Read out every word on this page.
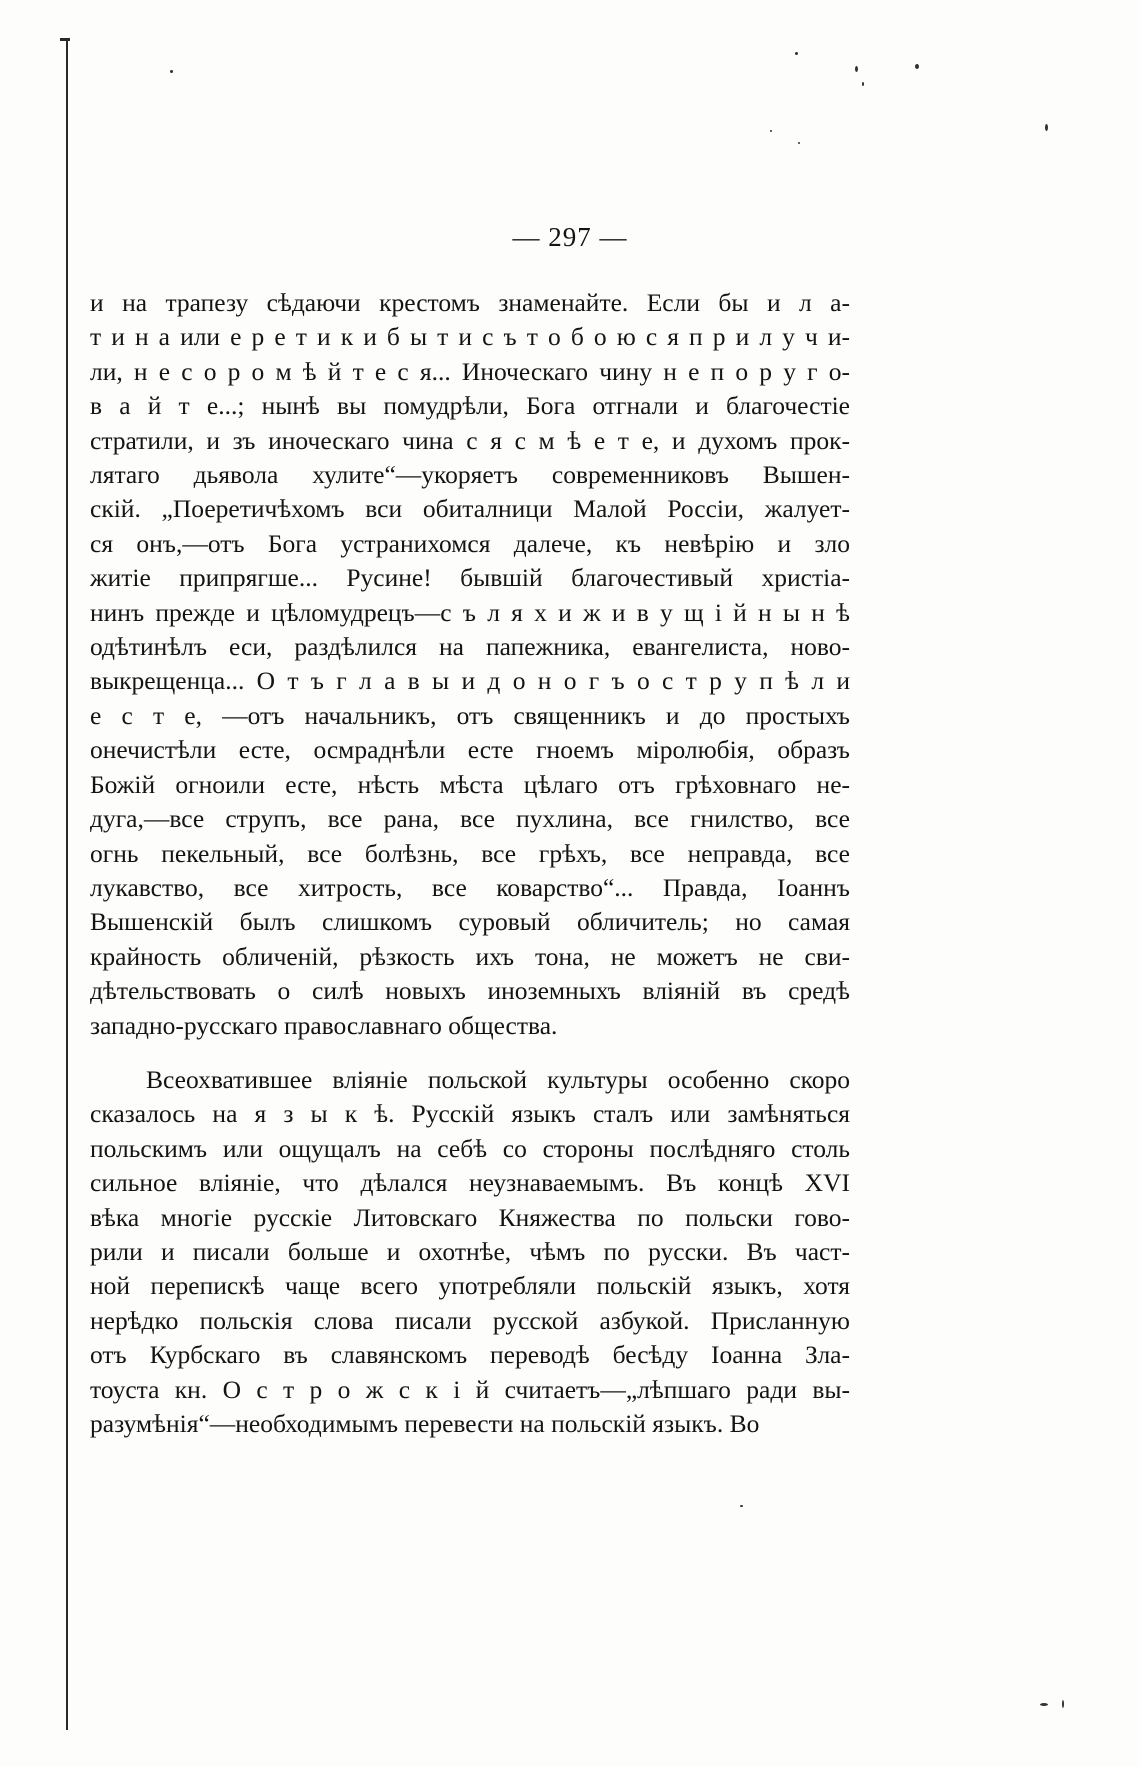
— 297 —
и на трапезу сѣдаючи крестомъ знаменайте. Если бы и л а-
т и н а или е р е т и к и б ы т и с ъ т о б о ю с я п р и л у ч и-
ли, н е с о р о м ѣ й т е с я... Иноческаго чину н е п о р у г о-
в а й т е...; нынѣ вы помудрѣли, Бога отгнали и благочестіе
стратили, и зъ иноческаго чина с я с м ѣ е т е, и духомъ прок-
лятаго дьявола хулите“—укоряетъ современниковъ Вышен-
скій. „Поеретичѣхомъ вси обиталници Малой Россіи, жалует-
ся онъ,—отъ Бога устранихомся далече, къ невѣрію и зло
житіе припрягше... Русине! бывшій благочестивый христіа-
нинъ прежде и цѣломудрецъ—с ъ л я х и ж и в у щ і й н ы н ѣ
одѣтинѣлъ еси, раздѣлился на папежника, евангелиста, ново-
выкрещенца... О т ъ г л а в ы и д о н о г ъ о с т р у п ѣ л и
е с т е, —отъ начальникъ, отъ священникъ и до простыхъ
онечистѣли есте, осмраднѣли есте гноемъ міролюбія, образъ
Божій огноили есте, нѣсть мѣста цѣлаго отъ грѣховнаго не-
дуга,—все струпъ, все рана, все пухлина, все гнилство, все
огнь пекельный, все болѣзнь, все грѣхъ, все неправда, все
лукавство, все хитрость, все коварство“... Правда, Іоаннъ
Вышенскій былъ слишкомъ суровый обличитель; но самая
крайность обличеній, рѣзкость ихъ тона, не можетъ не сви-
дѣтельствовать о силѣ новыхъ иноземныхъ вліяній въ средѣ
западно-русскаго православнаго общества.
Всеохватившее вліяніе польской культуры особенно скоро
сказалось на я з ы к ѣ. Русскій языкъ сталъ или замѣняться
польскимъ или ощущалъ на себѣ со стороны послѣдняго столь
сильное вліяніе, что дѣлался неузнаваемымъ. Въ концѣ XVI
вѣка многіе русскіе Литовскаго Княжества по польски гово-
рили и писали больше и охотнѣе, чѣмъ по русски. Въ част-
ной перепискѣ чаще всего употребляли польскій языкъ, хотя
нерѣдко польскія слова писали русской азбукой. Присланную
отъ Курбскаго въ славянскомъ переводѣ бесѣду Іоанна Зла-
тоуста кн. О с т р о ж с к і й считаетъ—„лѣпшаго ради вы-
разумѣнія“—необходимымъ перевести на польскій языкъ. Во
